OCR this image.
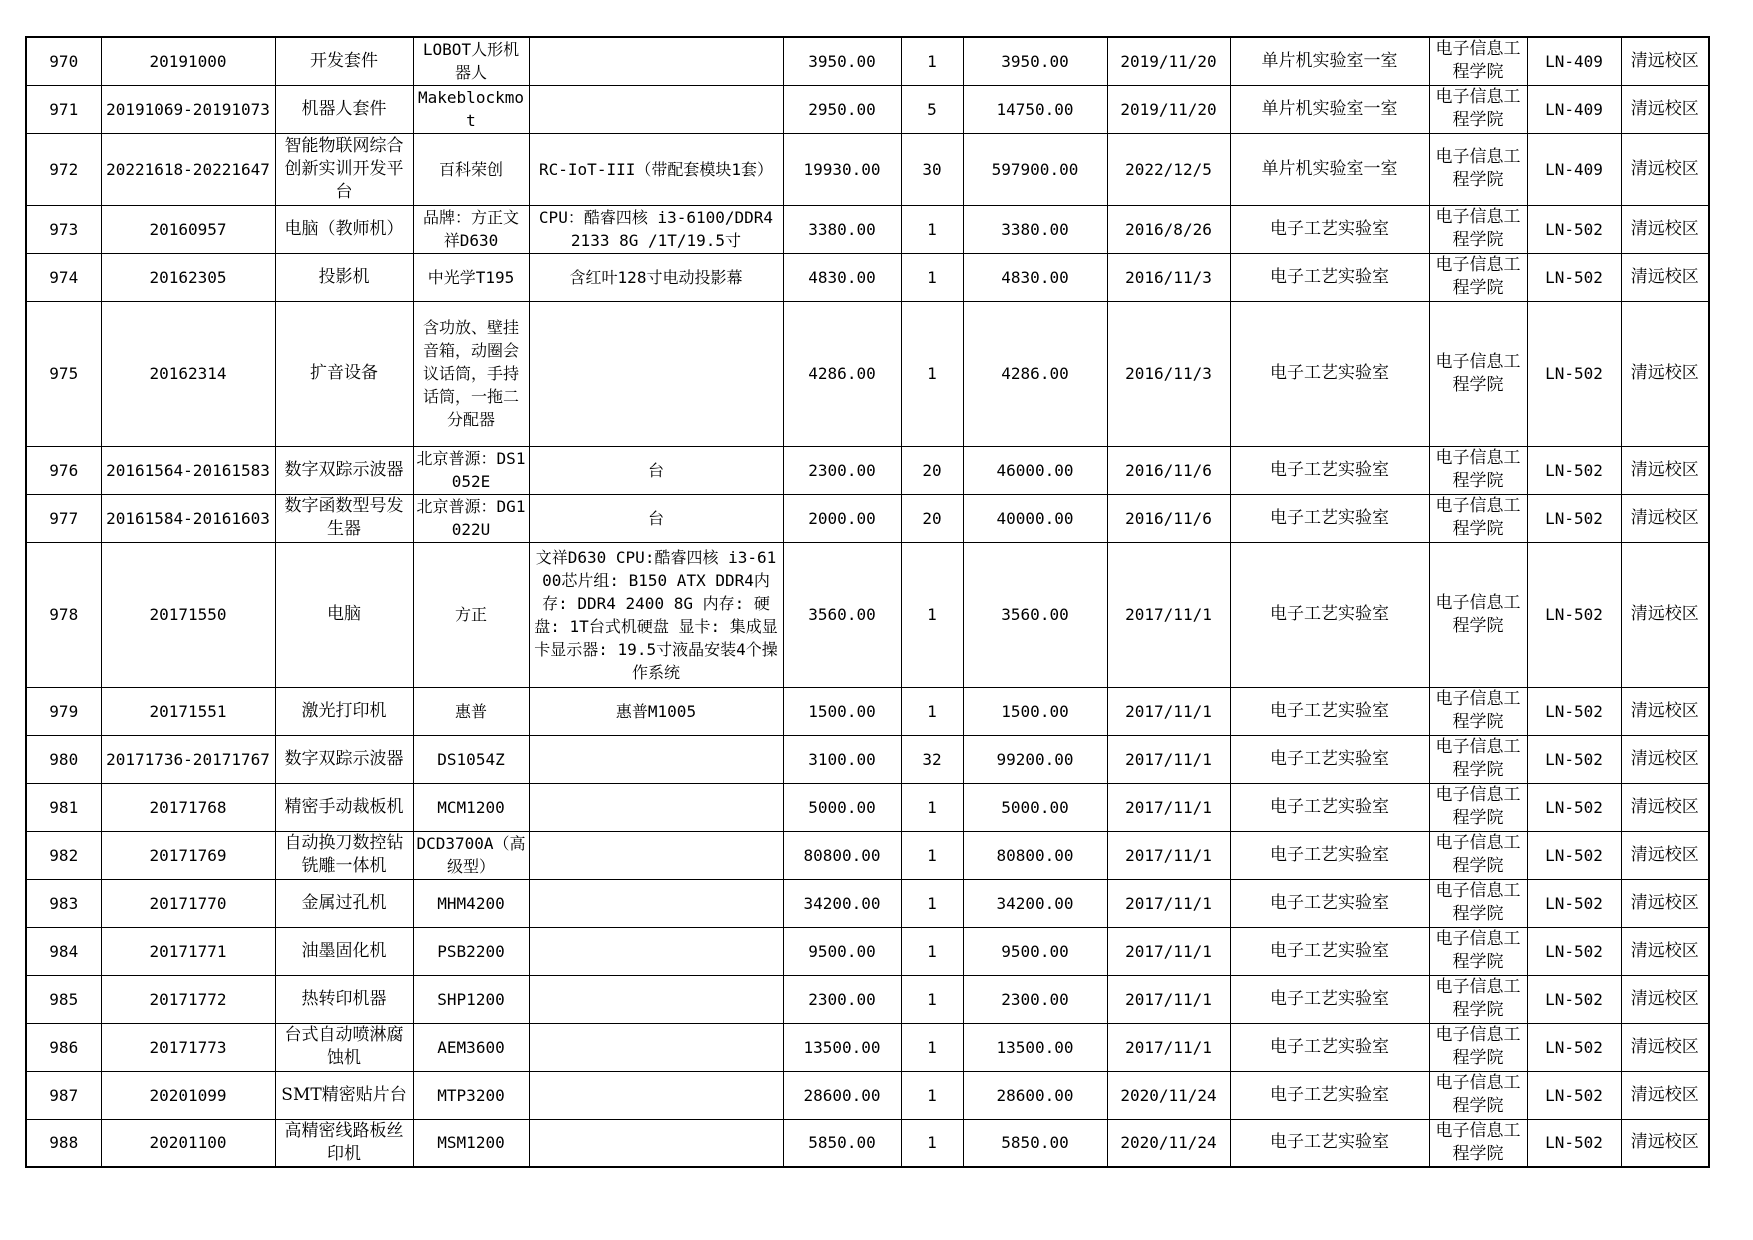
970	20191000	开发套件	LOBOT人形机器人		3950.00	1	3950.00	2019/11/20	单片机实验室一室	电子信息工程学院	LN-409	清远校区
971	20191069-20191073	机器人套件	Makeblockmot		2950.00	5	14750.00	2019/11/20	单片机实验室一室	电子信息工程学院	LN-409	清远校区
972	20221618-20221647	智能物联网综合创新实训开发平台	百科荣创	RC-IoT-III（带配套模块1套）	19930.00	30	597900.00	2022/12/5	单片机实验室一室	电子信息工程学院	LN-409	清远校区
973	20160957	电脑（教师机）	品牌：方正文祥D630	CPU：酷睿四核 i3-6100/DDR4 2133 8G /1T/19.5寸	3380.00	1	3380.00	2016/8/26	电子工艺实验室	电子信息工程学院	LN-502	清远校区
974	20162305	投影机	中光学T195	含红叶128寸电动投影幕	4830.00	1	4830.00	2016/11/3	电子工艺实验室	电子信息工程学院	LN-502	清远校区
975	20162314	扩音设备	含功放、壁挂音箱，动圈会议话筒，手持话筒，一拖二分配器		4286.00	1	4286.00	2016/11/3	电子工艺实验室	电子信息工程学院	LN-502	清远校区
976	20161564-20161583	数字双踪示波器	北京普源：DS1052E	台	2300.00	20	46000.00	2016/11/6	电子工艺实验室	电子信息工程学院	LN-502	清远校区
977	20161584-20161603	数字函数型号发生器	北京普源：DG1022U	台	2000.00	20	40000.00	2016/11/6	电子工艺实验室	电子信息工程学院	LN-502	清远校区
978	20171550	电脑	方正	文祥D630 CPU:酷睿四核 i3-6100芯片组: B150 ATX DDR4内存: DDR4 2400 8G 内存: 硬盘: 1T台式机硬盘 显卡: 集成显卡显示器: 19.5寸液晶安装4个操作系统	3560.00	1	3560.00	2017/11/1	电子工艺实验室	电子信息工程学院	LN-502	清远校区
979	20171551	激光打印机	惠普	惠普M1005	1500.00	1	1500.00	2017/11/1	电子工艺实验室	电子信息工程学院	LN-502	清远校区
980	20171736-20171767	数字双踪示波器	DS1054Z		3100.00	32	99200.00	2017/11/1	电子工艺实验室	电子信息工程学院	LN-502	清远校区
981	20171768	精密手动裁板机	MCM1200		5000.00	1	5000.00	2017/11/1	电子工艺实验室	电子信息工程学院	LN-502	清远校区
982	20171769	自动换刀数控钻铣雕一体机	DCD3700A（高级型）		80800.00	1	80800.00	2017/11/1	电子工艺实验室	电子信息工程学院	LN-502	清远校区
983	20171770	金属过孔机	MHM4200		34200.00	1	34200.00	2017/11/1	电子工艺实验室	电子信息工程学院	LN-502	清远校区
984	20171771	油墨固化机	PSB2200		9500.00	1	9500.00	2017/11/1	电子工艺实验室	电子信息工程学院	LN-502	清远校区
985	20171772	热转印机器	SHP1200		2300.00	1	2300.00	2017/11/1	电子工艺实验室	电子信息工程学院	LN-502	清远校区
986	20171773	台式自动喷淋腐蚀机	AEM3600		13500.00	1	13500.00	2017/11/1	电子工艺实验室	电子信息工程学院	LN-502	清远校区
987	20201099	SMT精密贴片台	MTP3200		28600.00	1	28600.00	2020/11/24	电子工艺实验室	电子信息工程学院	LN-502	清远校区
988	20201100	高精密线路板丝印机	MSM1200		5850.00	1	5850.00	2020/11/24	电子工艺实验室	电子信息工程学院	LN-502	清远校区
